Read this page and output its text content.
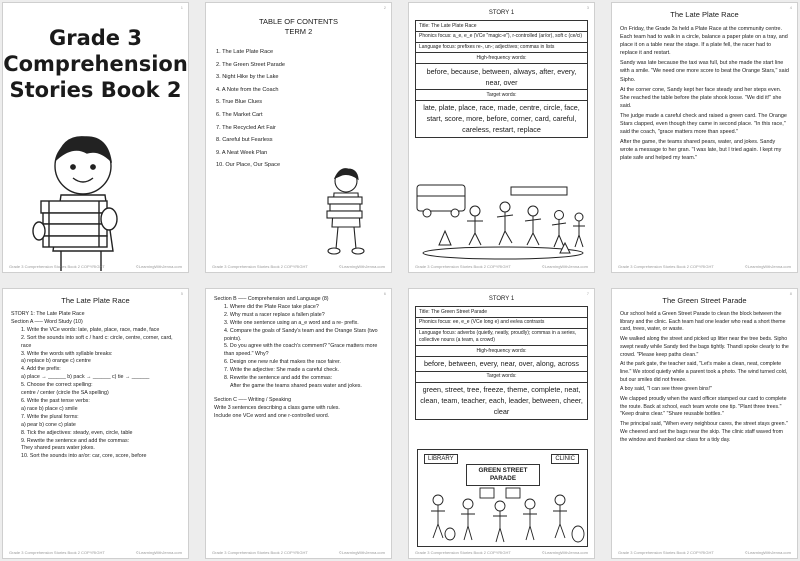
1
Grade 3
Comprehension
Stories Book 2
Grade 3 Comprehension Stories Book 2 COPYRIGHT	©LearningWithJenna.com
2
TABLE OF CONTENTS
TERM 2
1. The Late Plate Race
2. The Green Street Parade
3. Night Hike by the Lake
4. A Note from the Coach
5. True Blue Clues
6. The Market Cart
7. The Recycled Art Fair
8. Careful but Fearless
9. A Neat Week Plan
10. Our Place, Our Space
Grade 3 Comprehension Stories Book 2 COPYRIGHT	©LearningWithJenna.com
3
STORY 1
Title: The Late Plate Race
Phonics focus: a_e, e_e (VCe "magic-e"), r-controlled (ar/or), soft c (ce/ci)
Language focus: prefixes re-, un-; adjectives; commas in lists
High-frequency words:
before, because, between, always, after, every, near, over
Target words:
late, plate, place, race, made, centre, circle, face, start, score, more, before, corner, card, careful, careless, restart, replace
Grade 3 Comprehension Stories Book 2 COPYRIGHT	©LearningWithJenna.com
4
The Late Plate Race

On Friday, the Grade 3s held a Plate Race at the community centre. Each team had to walk in a circle, balance a paper plate on a tray, and place it on a table near the stage. If a plate fell, the racer had to replace it and restart.

Sandy was late because the taxi was full, but she made the start line with a smile. "We need one more score to beat the Orange Stars," said Sipho.

At the corner cone, Sandy kept her face steady and her steps even. She reached the table before the plate shook loose. "We did it!" she said.

The judge made a careful check and raised a green card. The Orange Stars clapped, even though they came in second place. "In this race," said the coach, "grace matters more than speed."

After the game, the teams shared pears, water, and jokes. Sandy wrote a message to her gran. "I was late, but I tried again. I kept my plate safe and helped my team."

Grade 3 Comprehension Stories Book 2 COPYRIGHT	©LearningWithJenna.com
5
The Late Plate Race
STORY 1: The Late Plate Race
Section A —– Word Study (10)
1. Write the VCe words: late, plate, place, race, made, face
2. Sort the sounds into soft c / hard c: circle, centre, corner, card, race
3. Write the words with syllable breaks:
a) replace b) orange c) centre
4. Add the prefix:
a) place → ______ b) pack → ______ c) tie → ______
5. Choose the correct spelling:
centre / center (circle the SA spelling)
6. Write the past tense verbs:
a) race b) place c) smile
7. Write the plural forms:
a) pear b) cone c) plate
8. Tick the adjectives: steady, even, circle, table
9. Rewrite the sentence and add the commas:
They shared pears water jokes.
10. Sort the sounds into ar/or: car, core, score, before
Grade 3 Comprehension Stories Book 2 COPYRIGHT	©LearningWithJenna.com
6
Section B —– Comprehension and Language (8)
1. Where did the Plate Race take place?
2. Why must a racer replace a fallen plate?
3. Write one sentence using an a_e word and a re- prefix.
4. Compare the goals of Sandy's team and the Orange Stars (two points).
5. Do you agree with the coach's comment? "Grace matters more than speed." Why?
6. Design one new rule that makes the race fairer.
7. Write the adjective: She made a careful check.
8. Rewrite the sentence and add the commas:
After the game the teams shared pears water and jokes.
Section C —– Writing / Speaking
Write 3 sentences describing a class game with rules.
Include one VCe word and one r-controlled word.
Grade 3 Comprehension Stories Book 2 COPYRIGHT	©LearningWithJenna.com
7
STORY 1
Title: The Green Street Parade
Phonics focus: ee, e_e (VCe long e) and ee/ea contrasts
Language focus: adverbs (quietly, neatly, proudly); commas in a series, collective nouns (a team, a crowd)
High-frequency words:
before, between, every, near, over, along, across
Target words:
green, street, tree, freeze, theme, complete, neat, clean, team, teacher, each, leader, between, cheer, clear
LIBRARY	CLINIC
GREEN STREET
PARADE
Grade 3 Comprehension Stories Book 2 COPYRIGHT	©LearningWithJenna.com
8
The Green Street Parade

Our school held a Green Street Parade to clean the block between the library and the clinic. Each team had one leader who read a short theme card, trees, water, or waste.

We walked along the street and picked up litter near the tree beds. Sipho swept neatly while Sandy tied the bags tightly. Thandi spoke clearly to the crowd. "Please keep paths clean."

At the park gate, the teacher said, "Let's make a clean, neat, complete line." We stood quietly while a parent took a photo. The wind turned cold, but our smiles did not freeze.

A boy said, "I can see three green bins!"

We clapped proudly when the ward officer stamped our card to complete the route. Back at school, each team wrote one tip. "Plant three trees." "Keep drains clear." "Share reusable bottles."

The principal said, "When every neighbour cares, the street stays green." We cheered and set the bags near the skip. The clinic staff waved from the window and thanked our class for a tidy day.

Grade 3 Comprehension Stories Book 2 COPYRIGHT	©LearningWithJenna.com
